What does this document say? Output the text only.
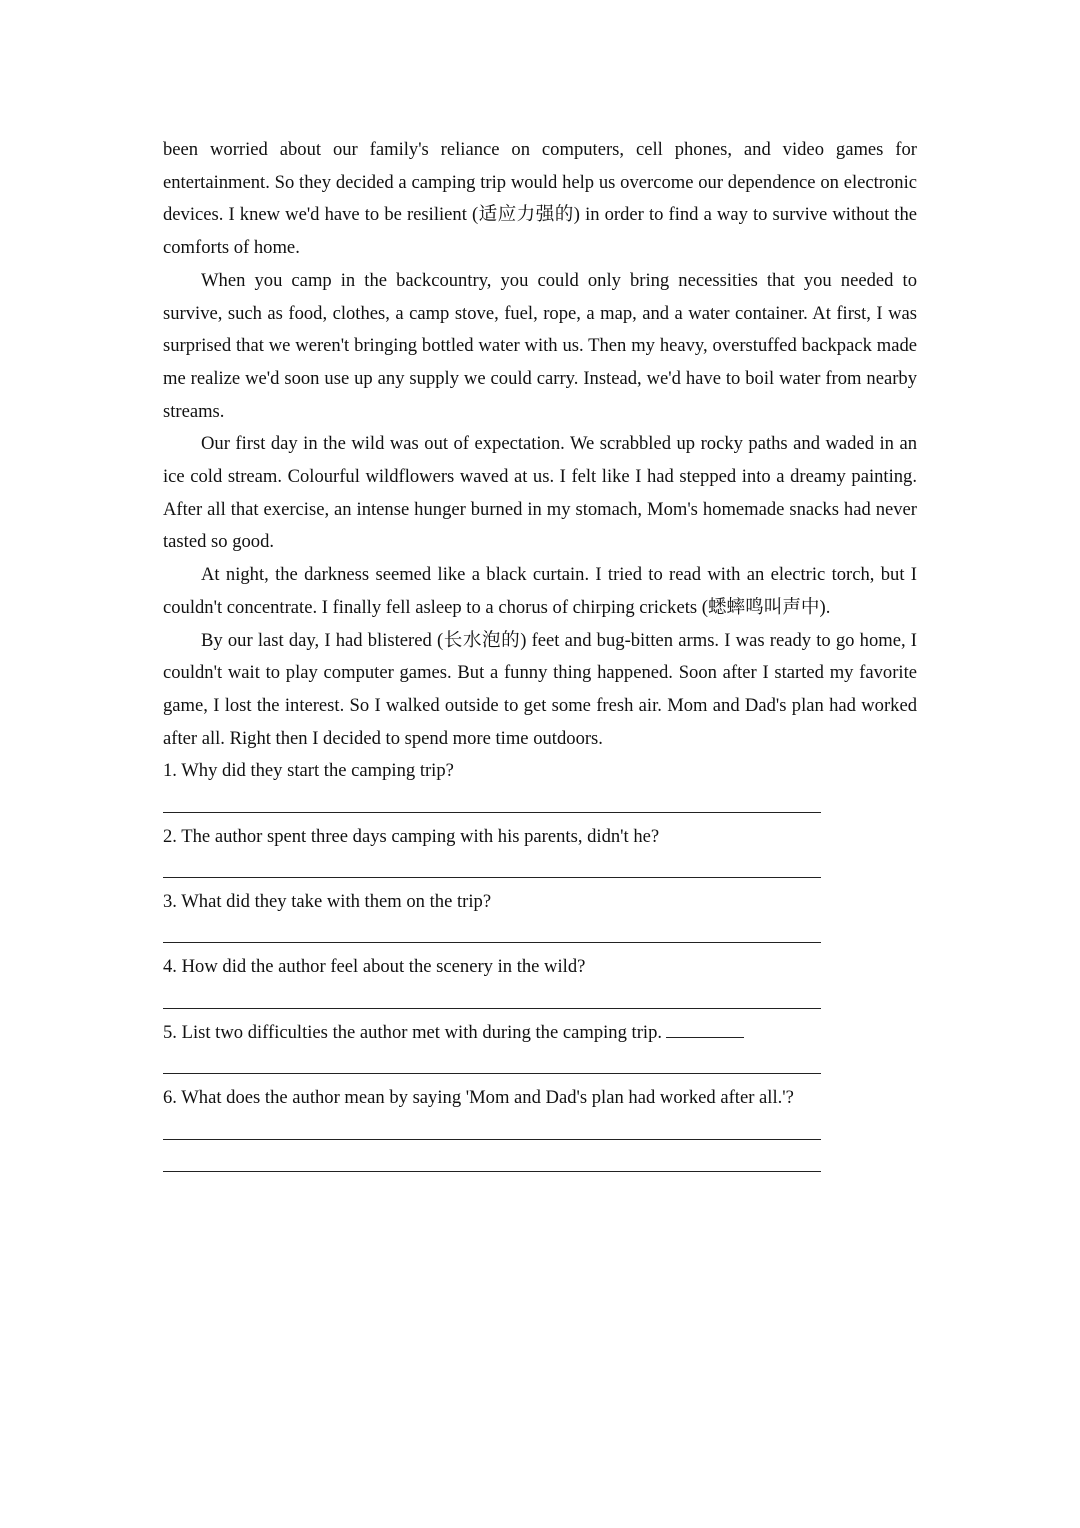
been worried about our family's reliance on computers, cell phones, and video games for entertainment. So they decided a camping trip would help us overcome our dependence on electronic devices. I knew we'd have to be resilient (适应力强的) in order to find a way to survive without the comforts of home.

When you camp in the backcountry, you could only bring necessities that you needed to survive, such as food, clothes, a camp stove, fuel, rope, a map, and a water container. At first, I was surprised that we weren't bringing bottled water with us. Then my heavy, overstuffed backpack made me realize we'd soon use up any supply we could carry. Instead, we'd have to boil water from nearby streams.

Our first day in the wild was out of expectation. We scrabbled up rocky paths and waded in an ice cold stream. Colourful wildflowers waved at us. I felt like I had stepped into a dreamy painting. After all that exercise, an intense hunger burned in my stomach, Mom's homemade snacks had never tasted so good.

At night, the darkness seemed like a black curtain. I tried to read with an electric torch, but I couldn't concentrate. I finally fell asleep to a chorus of chirping crickets (蟋蟀鸣叫声中).

By our last day, I had blistered (长水泡的) feet and bug-bitten arms. I was ready to go home, I couldn't wait to play computer games. But a funny thing happened. Soon after I started my favorite game, I lost the interest. So I walked outside to get some fresh air. Mom and Dad's plan had worked after all. Right then I decided to spend more time outdoors.

1. Why did they start the camping trip?

2. The author spent three days camping with his parents, didn't he?

3. What did they take with them on the trip?

4. How did the author feel about the scenery in the wild?

5. List two difficulties the author met with during the camping trip.

6. What does the author mean by saying 'Mom and Dad's plan had worked after all.'?
